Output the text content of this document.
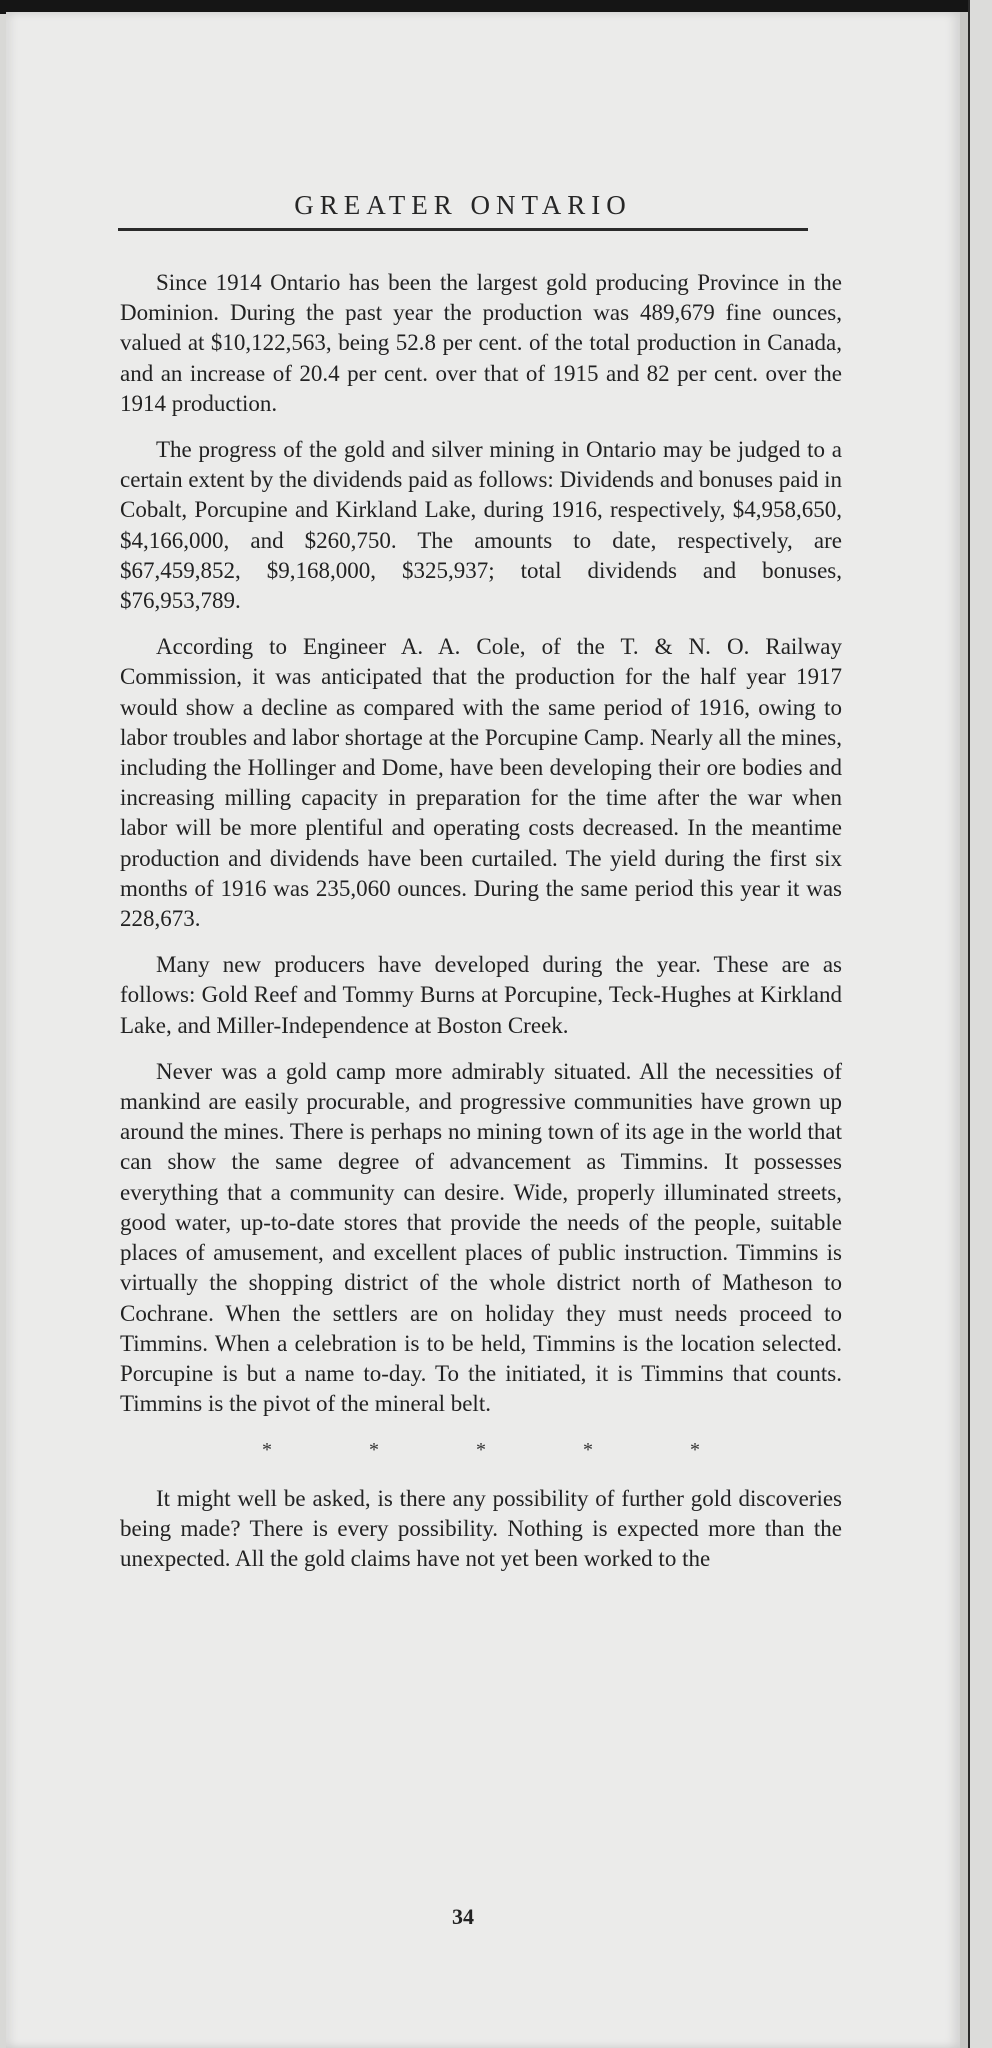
GREATER ONTARIO

Since 1914 Ontario has been the largest gold producing Province in the Dominion. During the past year the production was 489,679 fine ounces, valued at $10,122,563, being 52.8 per cent. of the total production in Canada, and an increase of 20.4 per cent. over that of 1915 and 82 per cent. over the 1914 production.

The progress of the gold and silver mining in Ontario may be judged to a certain extent by the dividends paid as follows: Dividends and bonuses paid in Cobalt, Porcupine and Kirkland Lake, during 1916, respectively, $4,958,650, $4,166,000, and $260,750. The amounts to date, respectively, are $67,459,852, $9,168,000, $325,937; total dividends and bonuses, $76,953,789.

According to Engineer A. A. Cole, of the T. & N. O. Railway Commission, it was anticipated that the production for the half year 1917 would show a decline as compared with the same period of 1916, owing to labor troubles and labor shortage at the Porcupine Camp. Nearly all the mines, including the Hollinger and Dome, have been developing their ore bodies and increasing milling capacity in preparation for the time after the war when labor will be more plentiful and operating costs decreased. In the meantime production and dividends have been curtailed. The yield during the first six months of 1916 was 235,060 ounces. During the same period this year it was 228,673.

Many new producers have developed during the year. These are as follows: Gold Reef and Tommy Burns at Porcupine, Teck-Hughes at Kirkland Lake, and Miller-Independence at Boston Creek.

Never was a gold camp more admirably situated. All the necessities of mankind are easily procurable, and progressive communities have grown up around the mines. There is perhaps no mining town of its age in the world that can show the same degree of advancement as Timmins. It possesses everything that a community can desire. Wide, properly illuminated streets, good water, up-to-date stores that provide the needs of the people, suitable places of amusement, and excellent places of public instruction. Timmins is virtually the shopping district of the whole district north of Matheson to Cochrane. When the settlers are on holiday they must needs proceed to Timmins. When a celebration is to be held, Timmins is the location selected. Porcupine is but a name to-day. To the initiated, it is Timmins that counts. Timmins is the pivot of the mineral belt.

* * * * *

It might well be asked, is there any possibility of further gold discoveries being made? There is every possibility. Nothing is expected more than the unexpected. All the gold claims have not yet been worked to the

34
